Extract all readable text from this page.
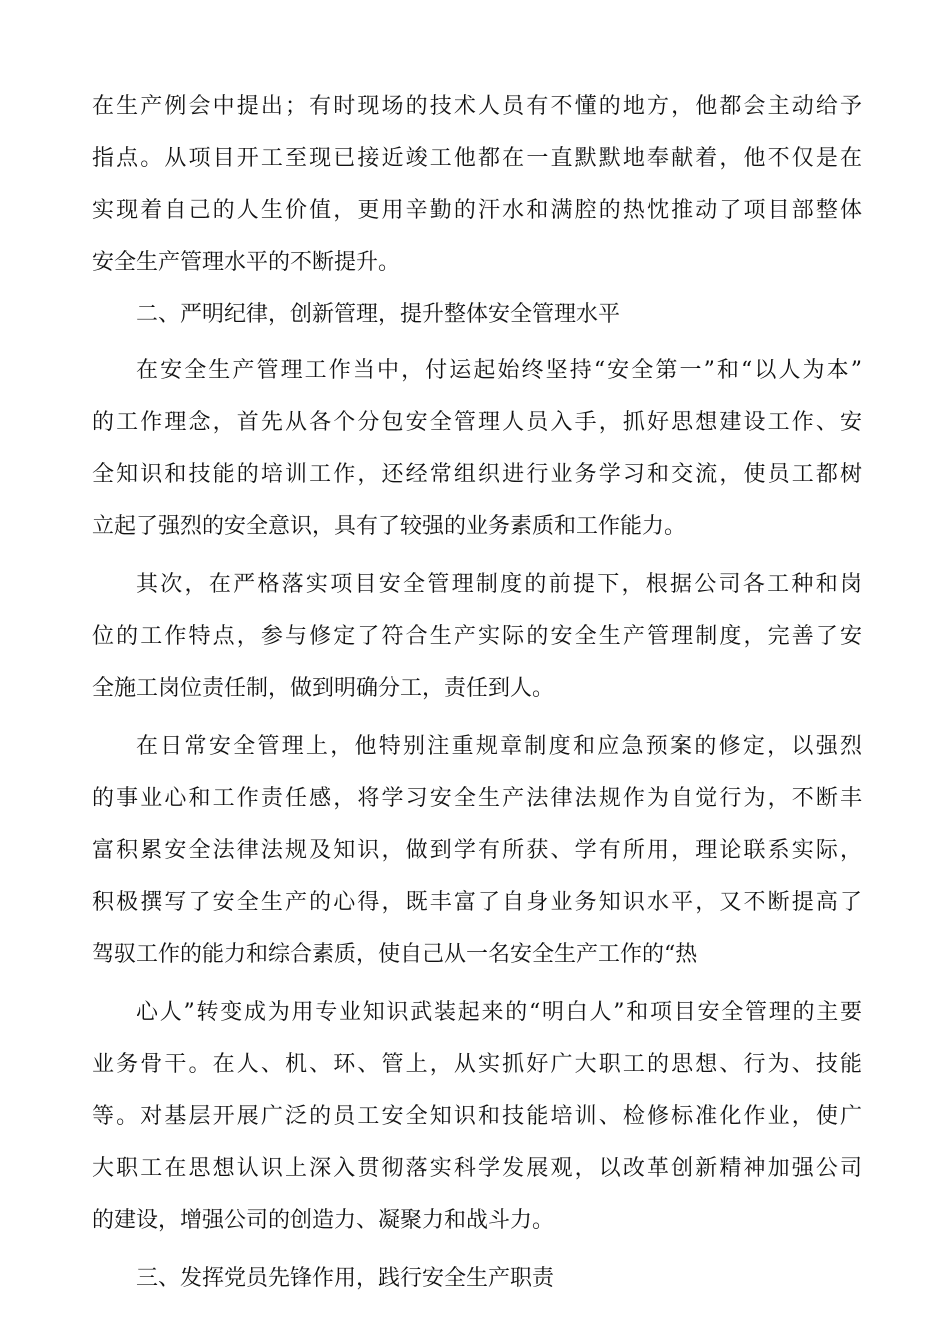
在生产例会中提出；有时现场的技术人员有不懂的地方，他都会主动给予
指点。从项目开工至现已接近竣工他都在一直默默地奉献着，他不仅是在
实现着自己的人生价值，更用辛勤的汗水和满腔的热忱推动了项目部整体
安全生产管理水平的不断提升。
二、严明纪律，创新管理，提升整体安全管理水平
在安全生产管理工作当中，付运起始终坚持“安全第一”和“以人为本”
的工作理念，首先从各个分包安全管理人员入手，抓好思想建设工作、安
全知识和技能的培训工作，还经常组织进行业务学习和交流，使员工都树
立起了强烈的安全意识，具有了较强的业务素质和工作能力。
其次，在严格落实项目安全管理制度的前提下，根据公司各工种和岗
位的工作特点，参与修定了符合生产实际的安全生产管理制度，完善了安
全施工岗位责任制，做到明确分工，责任到人。
在日常安全管理上，他特别注重规章制度和应急预案的修定，以强烈
的事业心和工作责任感，将学习安全生产法律法规作为自觉行为，不断丰
富积累安全法律法规及知识，做到学有所获、学有所用，理论联系实际，
积极撰写了安全生产的心得，既丰富了自身业务知识水平，又不断提高了
驾驭工作的能力和综合素质，使自己从一名安全生产工作的“热
心人”转变成为用专业知识武装起来的“明白人”和项目安全管理的主要
业务骨干。在人、机、环、管上，从实抓好广大职工的思想、行为、技能
等。对基层开展广泛的员工安全知识和技能培训、检修标准化作业，使广
大职工在思想认识上深入贯彻落实科学发展观，以改革创新精神加强公司
的建设，增强公司的创造力、凝聚力和战斗力。
三、发挥党员先锋作用，践行安全生产职责
